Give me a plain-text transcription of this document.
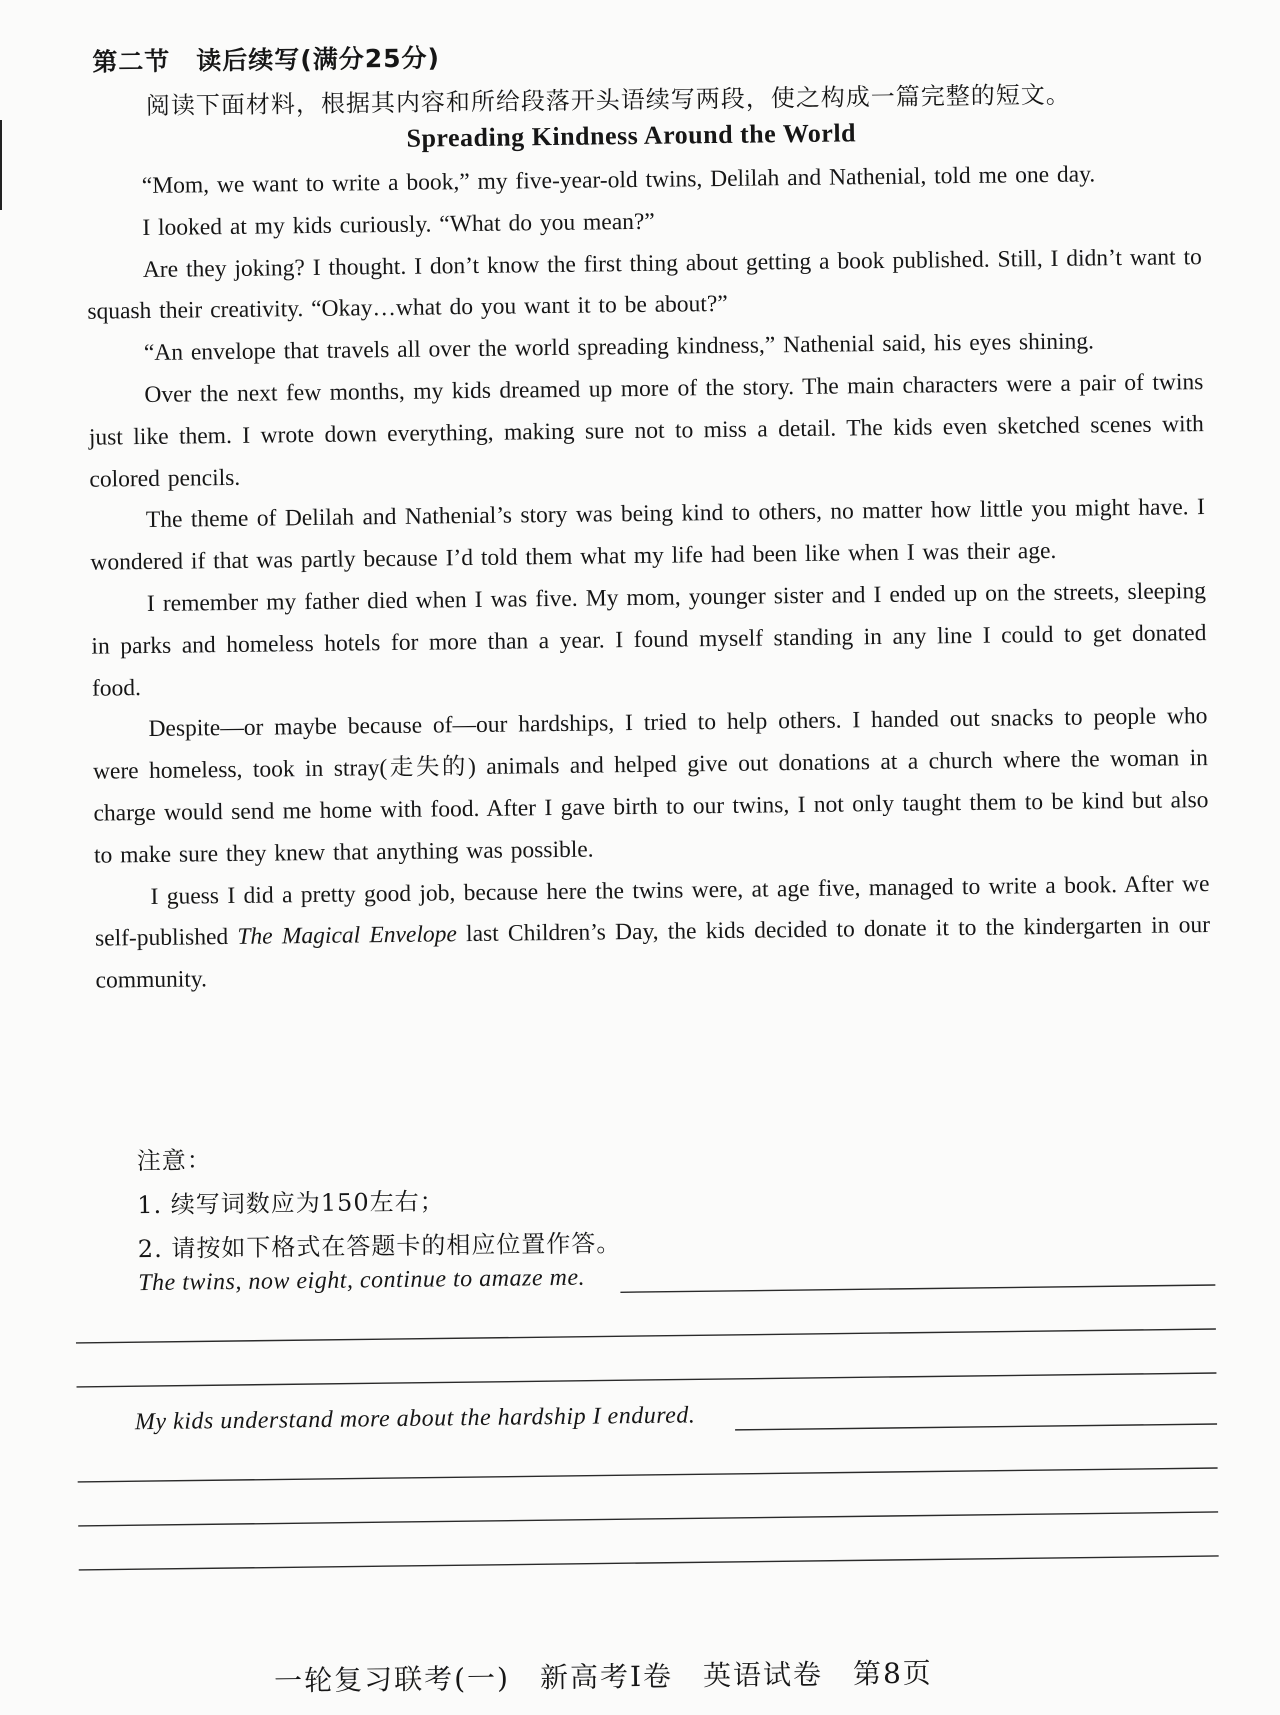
第二节　读后续写(满分25分)
阅读下面材料，根据其内容和所给段落开头语续写两段，使之构成一篇完整的短文。
Spreading Kindness Around the World

“Mom, we want to write a book,” my five-year-old twins, Delilah and Nathenial, told me one day.

I looked at my kids curiously. “What do you mean?”

Are they joking? I thought. I don’t know the first thing about getting a book published. Still, I didn’t want to squash their creativity. “Okay…what do you want it to be about?”

“An envelope that travels all over the world spreading kindness,” Nathenial said, his eyes shining.

Over the next few months, my kids dreamed up more of the story. The main characters were a pair of twins just like them. I wrote down everything, making sure not to miss a detail. The kids even sketched scenes with colored pencils.

The theme of Delilah and Nathenial’s story was being kind to others, no matter how little you might have. I wondered if that was partly because I’d told them what my life had been like when I was their age.

I remember my father died when I was five. My mom, younger sister and I ended up on the streets, sleeping in parks and homeless hotels for more than a year. I found myself standing in any line I could to get donated food.

Despite—or maybe because of—our hardships, I tried to help others. I handed out snacks to people who were homeless, took in stray(走失的) animals and helped give out donations at a church where the woman in charge would send me home with food. After I gave birth to our twins, I not only taught them to be kind but also to make sure they knew that anything was possible.

I guess I did a pretty good job, because here the twins were, at age five, managed to write a book. After we self-published The Magical Envelope last Children’s Day, the kids decided to donate it to the kindergarten in our community.

注意：
1. 续写词数应为150左右；
2. 请按如下格式在答题卡的相应位置作答。
The twins, now eight, continue to amaze me.
My kids understand more about the hardship I endured.
一轮复习联考(一)　新高考Ⅰ卷　英语试卷　第8页
